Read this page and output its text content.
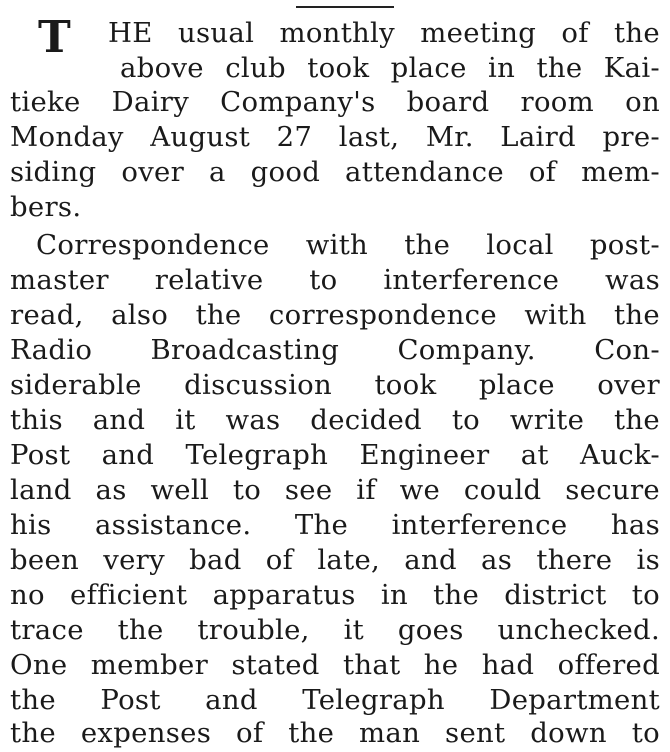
T HE usual monthly meeting of the
above club took place in the Kai-
tieke Dairy Company's board room on
Monday August 27 last, Mr. Laird pre-
siding over a good attendance of mem-
bers.
Correspondence with the local post-
master relative to interference was
read, also the correspondence with the
Radio Broadcasting Company. Con-
siderable discussion took place over
this and it was decided to write the
Post and Telegraph Engineer at Auck-
land as well to see if we could secure
his assistance. The interference has
been very bad of late, and as there is
no efficient apparatus in the district to
trace the trouble, it goes unchecked.
One member stated that he had offered
the Post and Telegraph Department
the expenses of the man sent down to
